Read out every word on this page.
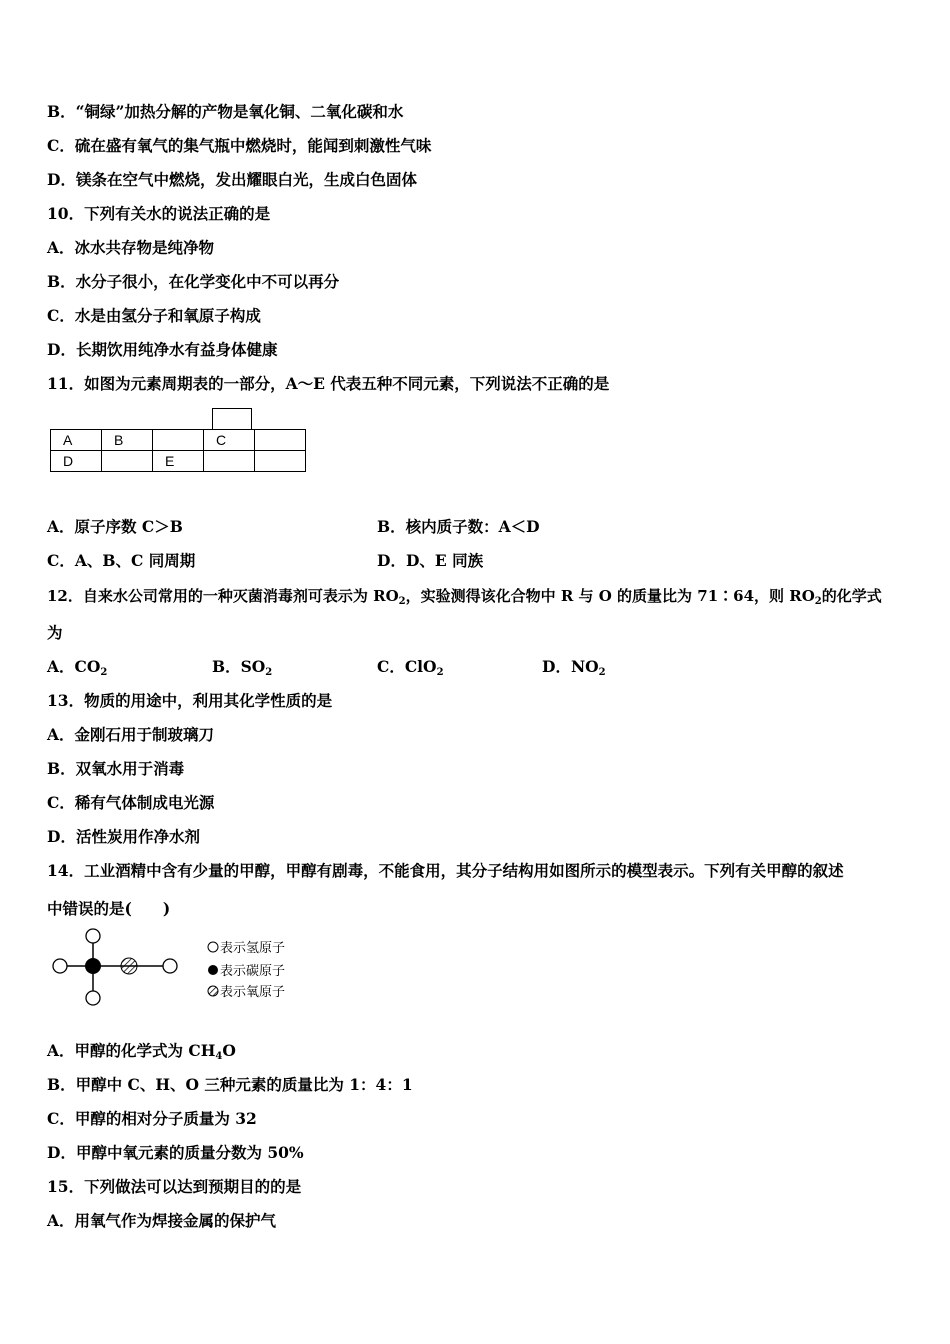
B．“铜绿”加热分解的产物是氧化铜、二氧化碳和水
C．硫在盛有氧气的集气瓶中燃烧时，能闻到刺激性气味
D．镁条在空气中燃烧，发出耀眼白光，生成白色固体
10．下列有关水的说法正确的是
A．冰水共存物是纯净物
B．水分子很小，在化学变化中不可以再分
C．水是由氢分子和氧原子构成
D．长期饮用纯净水有益身体健康
11．如图为元素周期表的一部分，A～E 代表五种不同元素，下列说法不正确的是
A	B		C	
D		E		
A．原子序数 C＞B	B．核内质子数：A＜D
C．A、B、C 同周期	D．D、E 同族
12．自来水公司常用的一种灭菌消毒剂可表示为 $RO_2$，实验测得该化合物中 R 与 O 的质量比为 71∶64，则 $RO_2$的化学式
为
A．$CO_2$	B．$SO_2$	C．ClO$_2$	D．$NO_2$
13．物质的用途中，利用其化学性质的是
A．金刚石用于制玻璃刀
B．双氧水用于消毒
C．稀有气体制成电光源
D．活性炭用作净水剂
14．工业酒精中含有少量的甲醇，甲醇有剧毒，不能食用，其分子结构用如图所示的模型表示。下列有关甲醇的叙述
中错误的是(　　)
表示氢原子
表示碳原子
表示氧原子
A．甲醇的化学式为 $CH_4O$
B．甲醇中 C、H、O 三种元素的质量比为 1：4：1
C．甲醇的相对分子质量为 32
D．甲醇中氧元素的质量分数为 50%
15．下列做法可以达到预期目的的是
A．用氧气作为焊接金属的保护气
